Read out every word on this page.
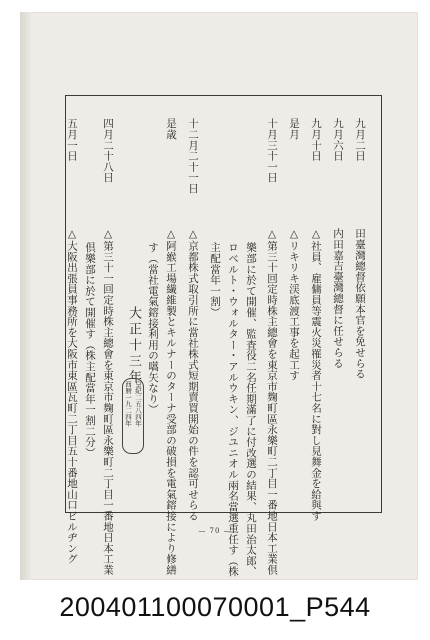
九月二日
田臺灣總督依願本官を免せらる
九月六日
内田嘉吉臺灣總督に任せらる
九月十日
△社員、雇傭員等震火災罹災者十七名に對し見舞金を給與す
是月
△リキリキ渓底渡工事を起工す
十月三十一日
△第三十回定時株主總會を東京市麹町區永樂町二丁目一番地日本工業倶
樂部に於て開催、監査役二名任期滿了に付改選の結果、丸田治太郎、
ロベルト・ウォルター・アルウキン、ジユニオル兩名當選重任す（株
主配當年一割）
十二月二十一日
△京都株式取引所に當社株式短期賣買開始の件を認可せらる
是歳
△阿緱工場繊維製とキルナーのターナ受部の破損を電氣鎔接により修繕
す（當社電氣鎔接利用の嚆矢なり）
大正十三年
皇紀二五八四年
西暦一九二四年
四月二十八日
△第三十一回定時株主總會を東京市麹町區永樂町二丁目一番地日本工業
倶樂部に於て開催す（株主配當年一割二分）
五月一日
△大阪出張員事務所を大阪市東區瓦町二丁目五十番地山口ビルヂング	— 70 —
200401100070001_P544
